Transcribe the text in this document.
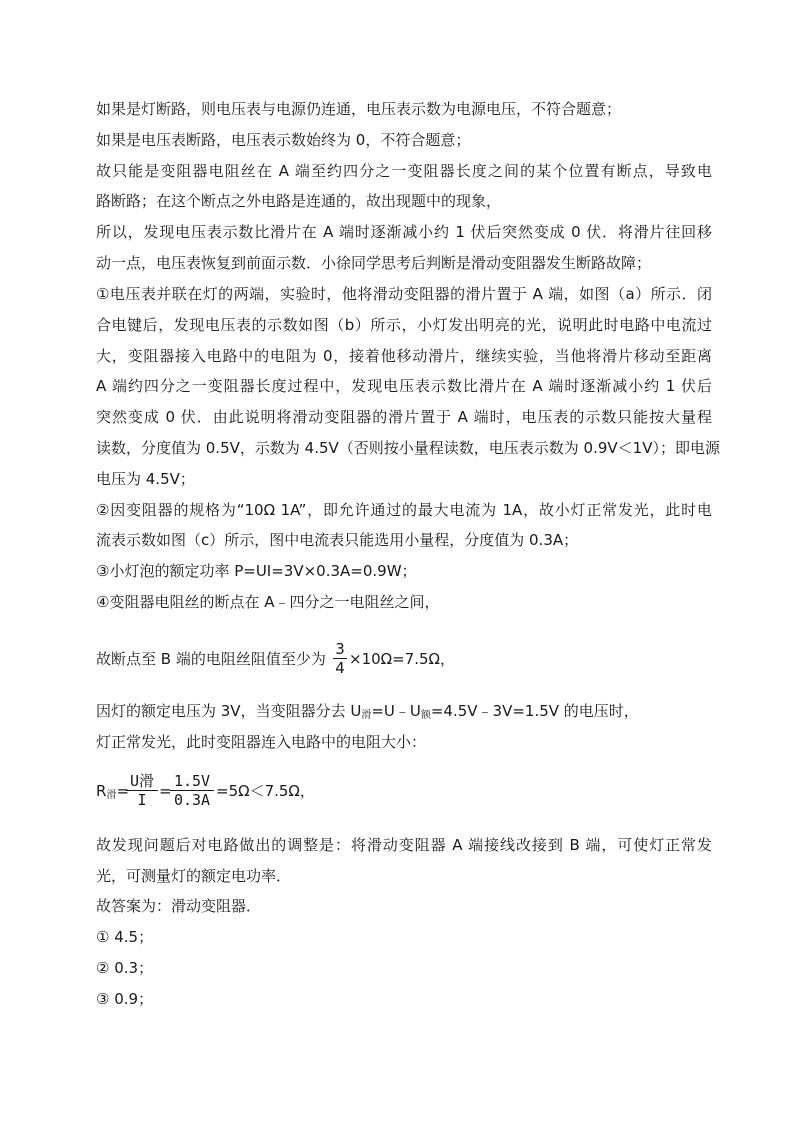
如果是灯断路，则电压表与电源仍连通，电压表示数为电源电压，不符合题意；
如果是电压表断路，电压表示数始终为 0，不符合题意；
故只能是变阻器电阻丝在 A 端至约四分之一变阻器长度之间的某个位置有断点，导致电
路断路；在这个断点之外电路是连通的，故出现题中的现象，
所以，发现电压表示数比滑片在 A 端时逐渐减小约 1 伏后突然变成 0 伏．将滑片往回移
动一点，电压表恢复到前面示数．小徐同学思考后判断是滑动变阻器发生断路故障；
①电压表并联在灯的两端，实验时，他将滑动变阻器的滑片置于 A 端，如图（a）所示．闭
合电键后，发现电压表的示数如图（b）所示，小灯发出明亮的光，说明此时电路中电流过
大，变阻器接入电路中的电阻为 0，接着他移动滑片，继续实验，当他将滑片移动至距离
A 端约四分之一变阻器长度过程中，发现电压表示数比滑片在 A 端时逐渐减小约 1 伏后
突然变成 0 伏．由此说明将滑动变阻器的滑片置于 A 端时，电压表的示数只能按大量程
读数，分度值为 0.5V，示数为 4.5V（否则按小量程读数，电压表示数为 0.9V＜1V）；即电源
电压为 4.5V；
②因变阻器的规格为“10Ω 1A”，即允许通过的最大电流为 1A，故小灯正常发光，此时电
流表示数如图（c）所示，图中电流表只能选用小量程，分度值为 0.3A；
③小灯泡的额定功率 P=UI=3V×0.3A=0.9W；
④变阻器电阻丝的断点在 A﹣四分之一电阻丝之间，
故断点至 B 端的电阻丝阻值至少为 $\frac{3}{4} \times 10\Omega=7.5\Omega$，
因灯的额定电压为 3V，当变阻器分去 $U_滑=U﹣U_额=4.5V﹣3V=1.5V$ 的电压时，
灯正常发光，此时变阻器连入电路中的电阻大小：
$R_滑=$
U滑
I =
$\frac{1.5V}{0.3A} =5\Omega<7.5\Omega$，
故发现问题后对电路做出的调整是：将滑动变阻器 A 端接线改接到 B 端，可使灯正常发
光，可测量灯的额定电功率．
故答案为：滑动变阻器．
① 4.5；
② 0.3；
③ 0.9；
